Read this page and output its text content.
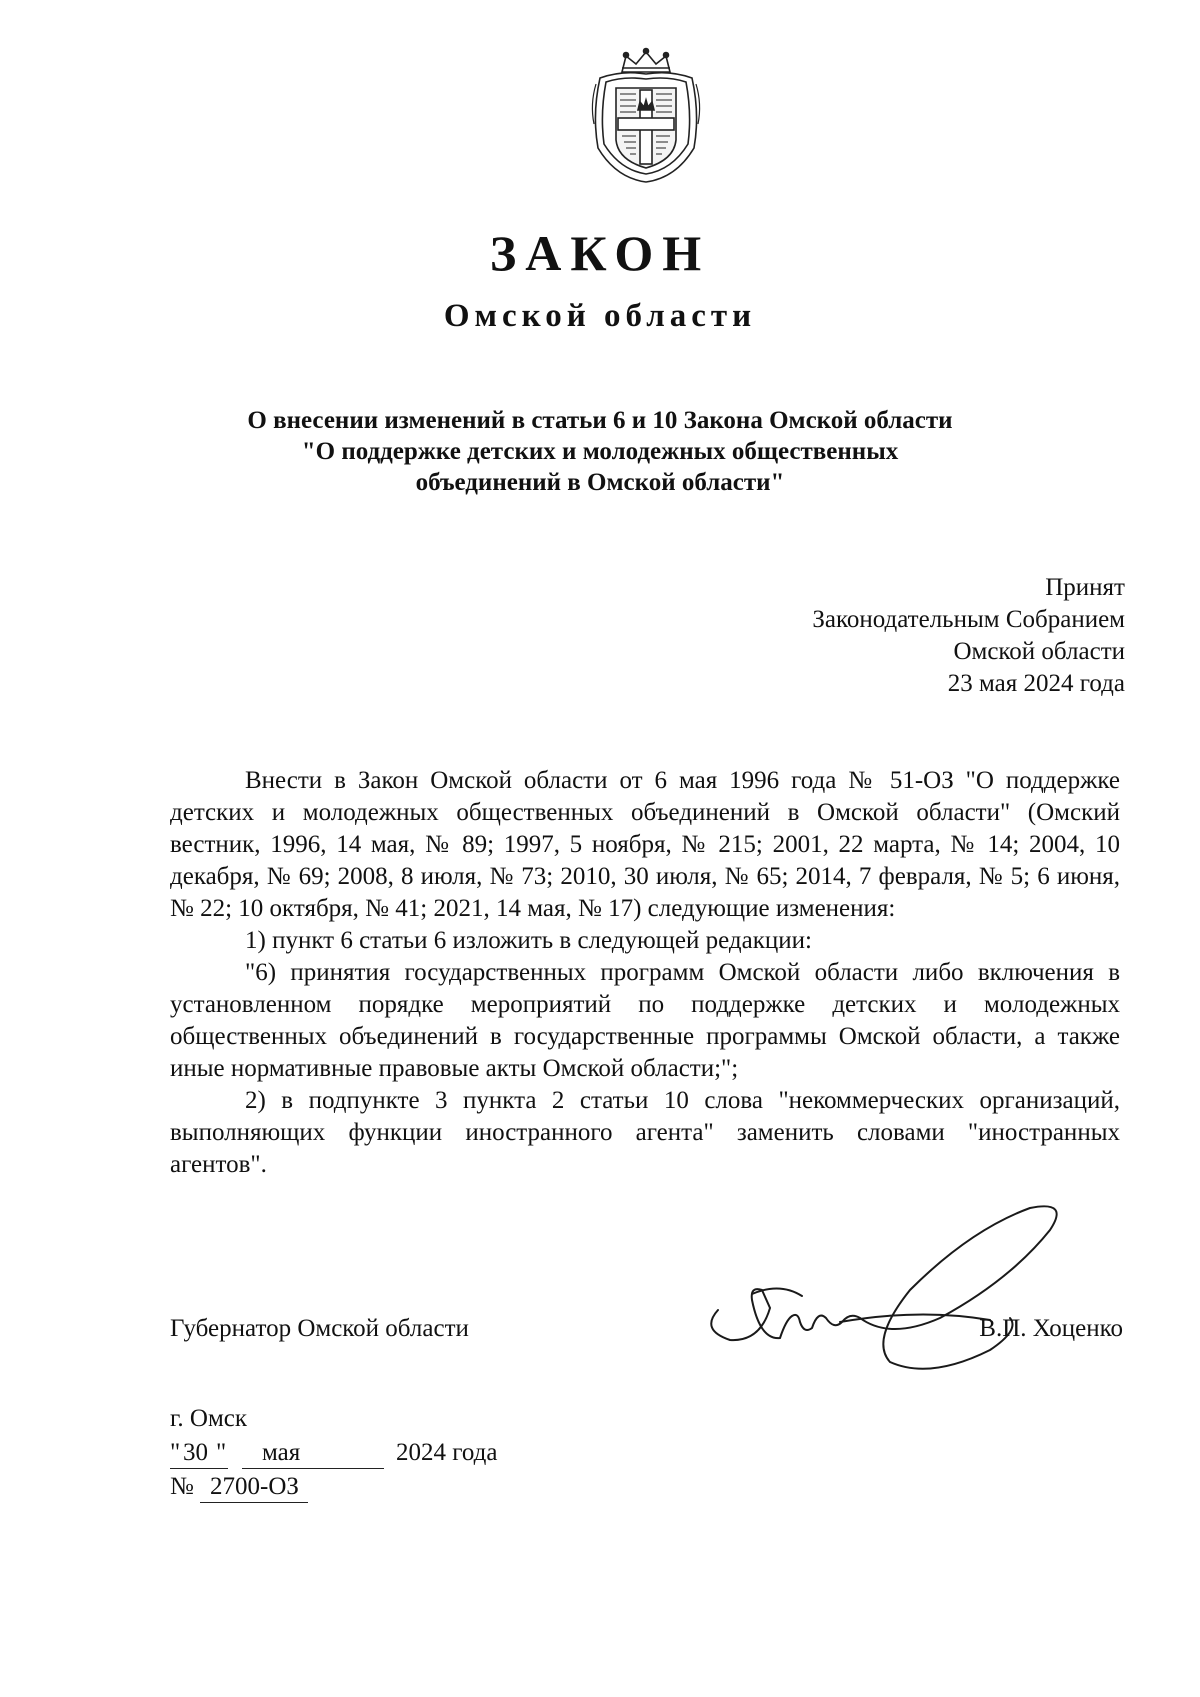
ЗАКОН
Омской области
О внесении изменений в статьи 6 и 10 Закона Омской области
"О поддержке детских и молодежных общественных
объединений в Омской области"
Принят
Законодательным Собранием
Омской области
23 мая 2024 года

Внести в Закон Омской области от 6 мая 1996 года № 51-ОЗ "О поддержке детских и молодежных общественных объединений в Омской области" (Омский вестник, 1996, 14 мая, № 89; 1997, 5 ноября, № 215; 2001, 22 марта, № 14; 2004, 10 декабря, № 69; 2008, 8 июля, № 73; 2010, 30 июля, № 65; 2014, 7 февраля, № 5; 6 июня, № 22; 10 октября, № 41; 2021, 14 мая, № 17) следующие изменения:

1) пункт 6 статьи 6 изложить в следующей редакции:

"6) принятия государственных программ Омской области либо включения в установленном порядке мероприятий по поддержке детских и молодежных общественных объединений в государственные программы Омской области, а также иные нормативные правовые акты Омской области;";

2) в подпункте 3 пункта 2 статьи 10 слова "некоммерческих организаций, выполняющих функции иностранного агента" заменить словами "иностранных агентов".

Губернатор Омской области	В.П. Хоценко
г. Омск
" 30 " мая	2024 года
№ 2700-ОЗ
